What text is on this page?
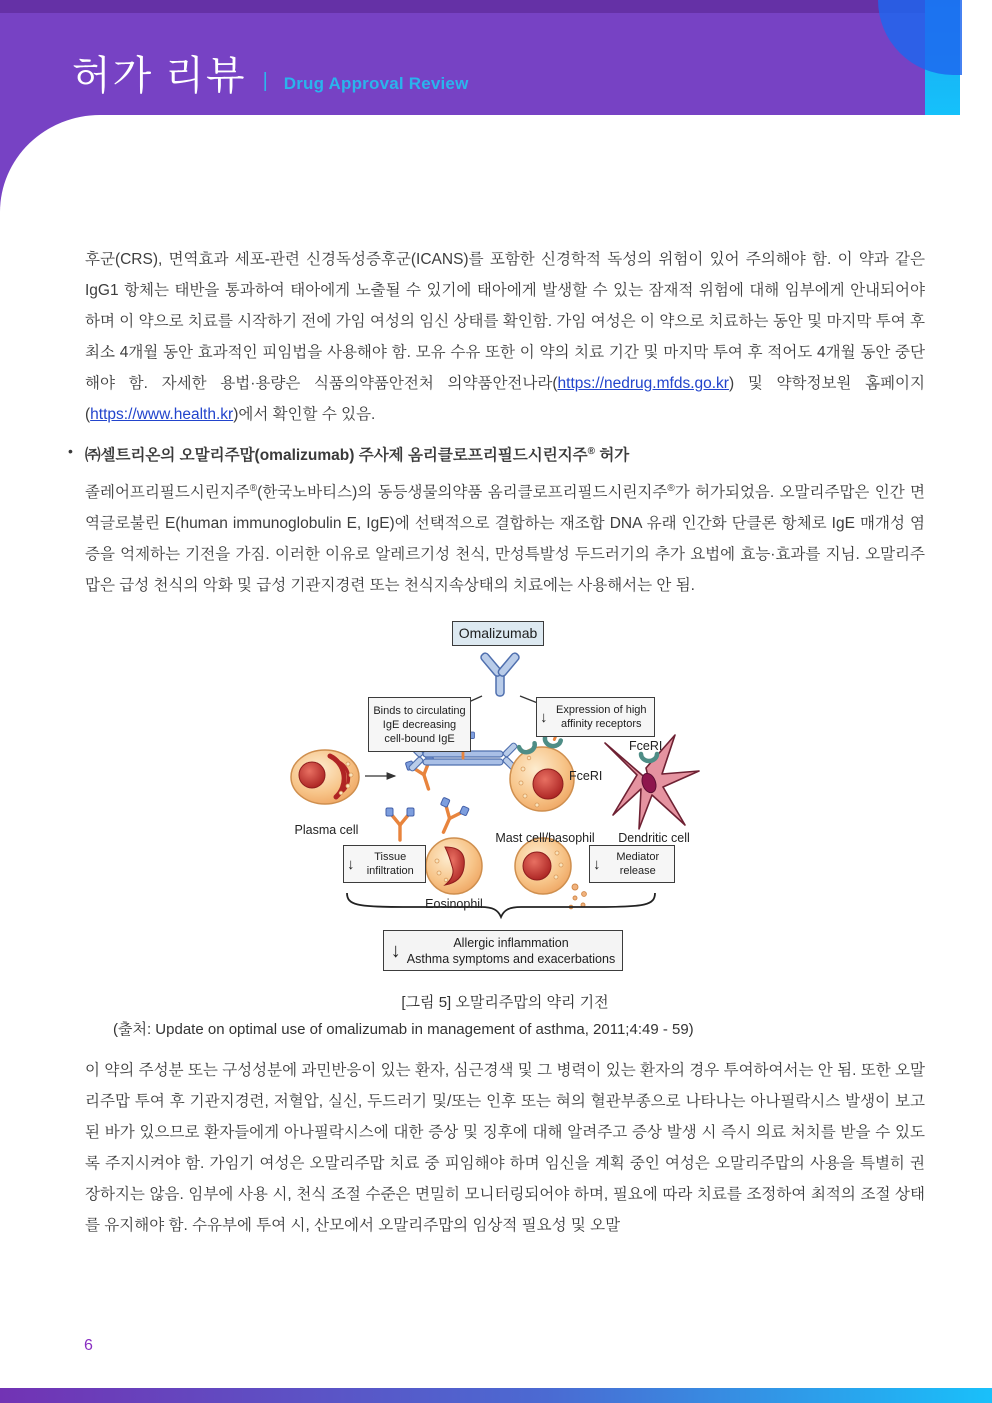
허가 리뷰 | Drug Approval Review
후군(CRS), 면역효과 세포-관련 신경독성증후군(ICANS)를 포함한 신경학적 독성의 위험이 있어 주의해야 함. 이 약과 같은 IgG1 항체는 태반을 통과하여 태아에게 노출될 수 있기에 태아에게 발생할 수 있는 잠재적 위험에 대해 임부에게 안내되어야 하며 이 약으로 치료를 시작하기 전에 가임 여성의 임신 상태를 확인함. 가임 여성은 이 약으로 치료하는 동안 및 마지막 투여 후 최소 4개월 동안 효과적인 피임법을 사용해야 함. 모유 수유 또한 이 약의 치료 기간 및 마지막 투여 후 적어도 4개월 동안 중단해야 함. 자세한 용법·용량은 식품의약품안전처 의약품안전나라(https://nedrug.mfds.go.kr) 및 약학정보원 홈페이지 (https://www.health.kr)에서 확인할 수 있음.
• ㈜셀트리온의 오말리주맙(omalizumab) 주사제 옴리클로프리필드시린지주® 허가
졸레어프리필드시린지주®(한국노바티스)의 동등생물의약품 옴리클로프리필드시린지주®가 허가되었음. 오말리주맙은 인간 면역글로불린 E(human immunoglobulin E, IgE)에 선택적으로 결합하는 재조합 DNA 유래 인간화 단클론 항체로 IgE 매개성 염증을 억제하는 기전을 가짐. 이러한 이유로 알레르기성 천식, 만성특발성 두드러기의 추가 요법에 효능·효과를 지님. 오말리주맙은 급성 천식의 악화 및 급성 기관지경련 또는 천식지속상태의 치료에는 사용해서는 안 됨.
Omalizumab
Binds to circulating IgE decreasing cell-bound IgE
↓ Expression of high affinity receptors
↓	Tissue infiltration	↓	Mediator release
↓	Allergic inflammation
Asthma symptoms and exacerbations
Plasma cell
Mast cell/basophil	Dendritic cell
Eosinophil
FceRI
FceRI
[그림 5] 오말리주맙의 약리 기전
(출처: Update on optimal use of omalizumab in management of asthma, 2011;4:49 - 59)
이 약의 주성분 또는 구성성분에 과민반응이 있는 환자, 심근경색 및 그 병력이 있는 환자의 경우 투여하여서는 안 됨. 또한 오말리주맙 투여 후 기관지경련, 저혈압, 실신, 두드러기 및/또는 인후 또는 혀의 혈관부종으로 나타나는 아나필락시스 발생이 보고된 바가 있으므로 환자들에게 아나필락시스에 대한 증상 및 징후에 대해 알려주고 증상 발생 시 즉시 의료 처치를 받을 수 있도록 주지시켜야 함. 가임기 여성은 오말리주맙 치료 중 피임해야 하며 임신을 계획 중인 여성은 오말리주맙의 사용을 특별히 권장하지는 않음. 임부에 사용 시, 천식 조절 수준은 면밀히 모니터링되어야 하며, 필요에 따라 치료를 조정하여 최적의 조절 상태를 유지해야 함. 수유부에 투여 시, 산모에서 오말리주맙의 임상적 필요성 및 오말
6
